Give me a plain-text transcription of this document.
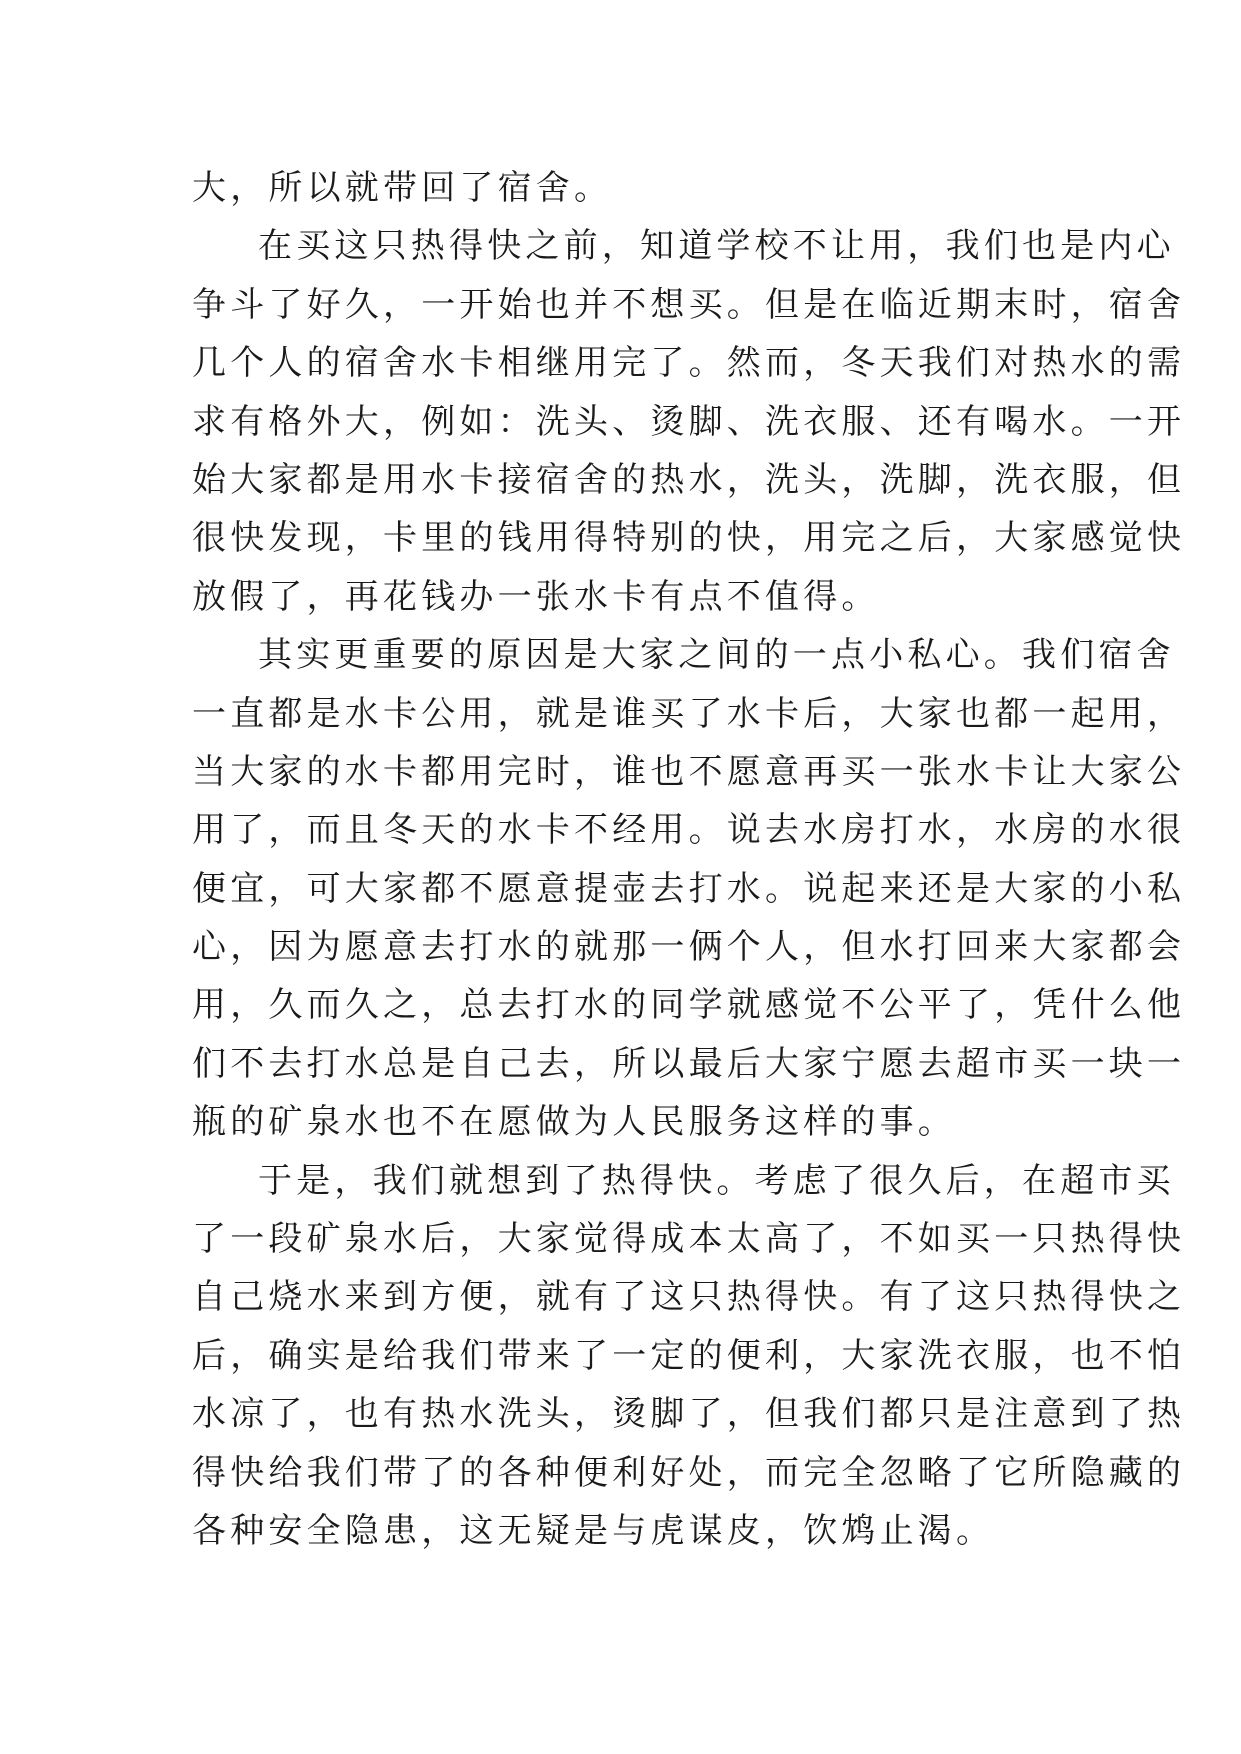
大，所以就带回了宿舍。
在买这只热得快之前，知道学校不让用，我们也是内心
争斗了好久，一开始也并不想买。但是在临近期末时，宿舍
几个人的宿舍水卡相继用完了。然而，冬天我们对热水的需
求有格外大，例如：洗头、烫脚、洗衣服、还有喝水。一开
始大家都是用水卡接宿舍的热水，洗头，洗脚，洗衣服，但
很快发现，卡里的钱用得特别的快，用完之后，大家感觉快
放假了，再花钱办一张水卡有点不值得。
其实更重要的原因是大家之间的一点小私心。我们宿舍
一直都是水卡公用，就是谁买了水卡后，大家也都一起用，
当大家的水卡都用完时，谁也不愿意再买一张水卡让大家公
用了，而且冬天的水卡不经用。说去水房打水，水房的水很
便宜，可大家都不愿意提壶去打水。说起来还是大家的小私
心，因为愿意去打水的就那一俩个人，但水打回来大家都会
用，久而久之，总去打水的同学就感觉不公平了，凭什么他
们不去打水总是自己去，所以最后大家宁愿去超市买一块一
瓶的矿泉水也不在愿做为人民服务这样的事。
于是，我们就想到了热得快。考虑了很久后，在超市买
了一段矿泉水后，大家觉得成本太高了，不如买一只热得快
自己烧水来到方便，就有了这只热得快。有了这只热得快之
后，确实是给我们带来了一定的便利，大家洗衣服，也不怕
水凉了，也有热水洗头，烫脚了，但我们都只是注意到了热
得快给我们带了的各种便利好处，而完全忽略了它所隐藏的
各种安全隐患，这无疑是与虎谋皮，饮鸩止渴。
